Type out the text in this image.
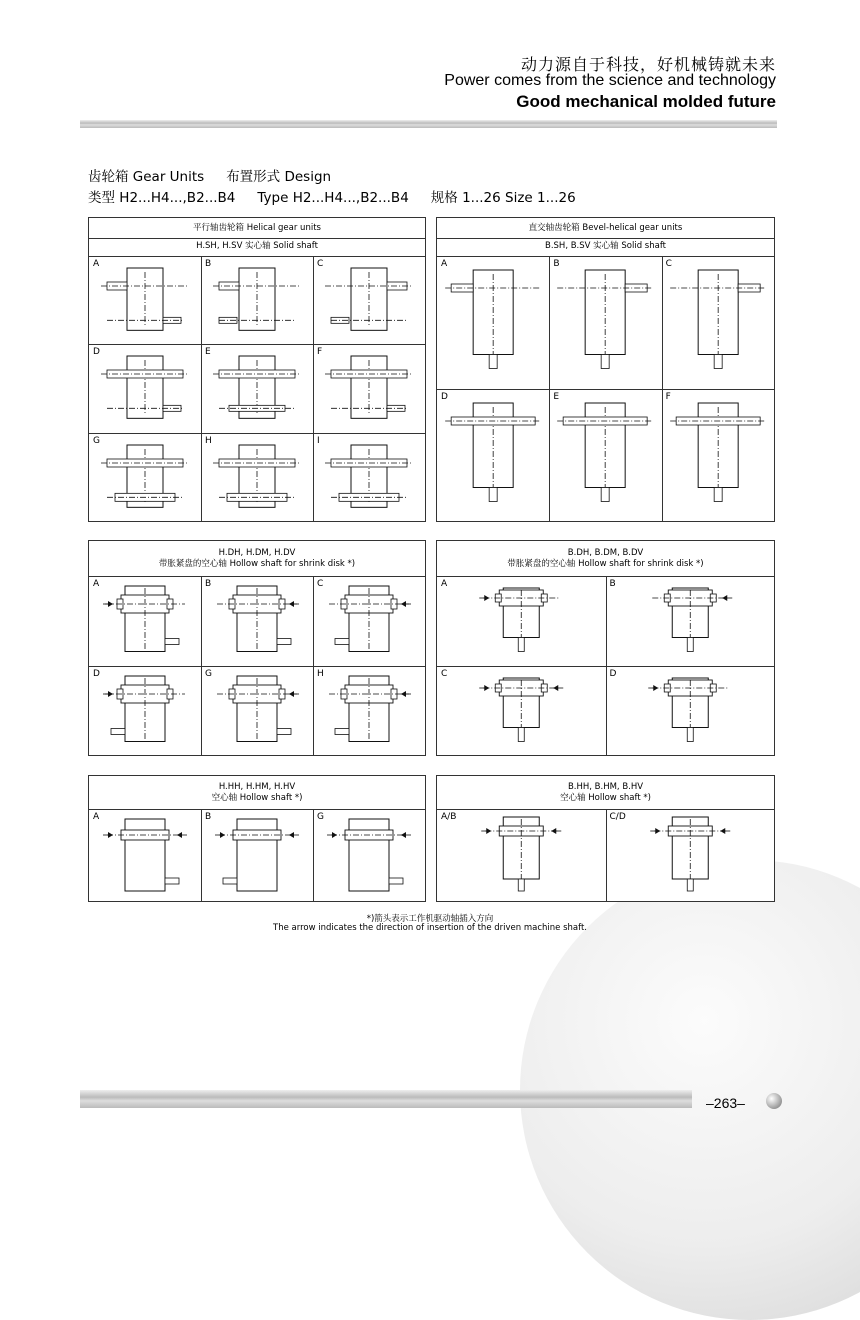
动力源自于科技，好机械铸就未来
Power comes from the science and technology
Good mechanical molded future
齿轮箱 Gear Units 布置形式 Design
类型 H2...H4...,B2...B4 Type H2...H4...,B2...B4 规格 1...26 Size 1...26
平行轴齿轮箱 Helical gear units
H.SH, H.SV 实心轴 Solid shaft
A	B	C
D	E	F
G	H	I
直交轴齿轮箱 Bevel-helical gear units
B.SH, B.SV 实心轴 Solid shaft
A	B	C
D	E	F
H.DH, H.DM, H.DV
带胀紧盘的空心轴 Hollow shaft for shrink disk *)
A	B	C
D	G	H
B.DH, B.DM, B.DV
带胀紧盘的空心轴 Hollow shaft for shrink disk *)
A	B
C	D
H.HH, H.HM, H.HV
空心轴 Hollow shaft *)
A	B	G
B.HH, B.HM, B.HV
空心轴 Hollow shaft *)
A/B	C/D
*)箭头表示工作机驱动轴插入方向
The arrow indicates the direction of insertion of the driven machine shaft.
–263–
